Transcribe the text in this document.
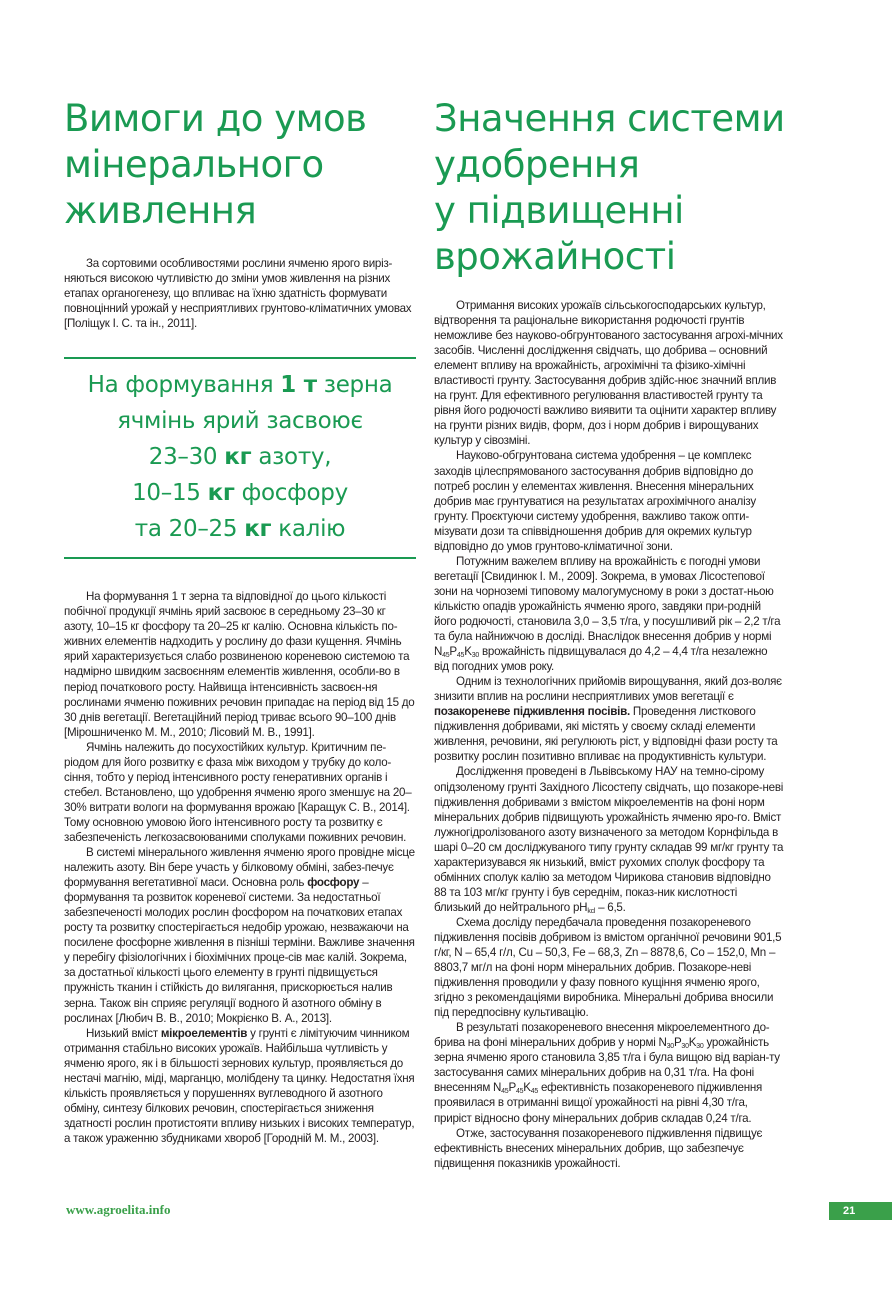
Вимоги до умов
мінерального
живлення

За сортовими особливостями рослини ячменю ярого виріз-няються високою чутливістю до зміни умов живлення на різних етапах органогенезу, що впливає на їхню здатність формувати повноцінний урожай у несприятливих грунтово-кліматичних умовах [Поліщук І. С. та ін., 2011].

На формування 1 т зерна
ячмінь ярий засвоює
23–30 кг азоту,
10–15 кг фосфору
та 20–25 кг калію

На формування 1 т зерна та відповідної до цього кількості побічної продукції ячмінь ярий засвоює в середньому 23–30 кг азоту, 10–15 кг фосфору та 20–25 кг калію. Основна кількість по-живних елементів надходить у рослину до фази кущення. Ячмінь ярий характеризується слабо розвиненою кореневою системою та надмірно швидким засвоєнням елементів живлення, особли-во в період початкового росту. Найвища інтенсивність засвоєн-ня рослинами ячменю поживних речовин припадає на період від 15 до 30 днів вегетації. Вегетаційний період триває всього 90–100 днів [Мірошниченко М. М., 2010; Лісовий М. В., 1991].

Ячмінь належить до посухостійких культур. Критичним пе-ріодом для його розвитку є фаза між виходом у трубку до коло-сіння, тобто у період інтенсивного росту генеративних органів і стебел. Встановлено, що удобрення ячменю ярого зменшує на 20–30% витрати вологи на формування врожаю [Каращук С. В., 2014]. Тому основною умовою його інтенсивного росту та розвитку є забезпеченість легкозасвоюваними сполуками поживних речовин.

В системі мінерального живлення ячменю ярого провідне місце належить азоту. Він бере участь у білковому обміні, забез-печує формування вегетативної маси. Основна роль фосфору – формування та розвиток кореневої системи. За недостатньої забезпеченості молодих рослин фосфором на початкових етапах росту та розвитку спостерігається недобір урожаю, незважаючи на посилене фосфорне живлення в пізніші терміни. Важливе значення у перебігу фізіологічних і біохімічних проце-сів має калій. Зокрема, за достатньої кількості цього елементу в грунті підвищується пружність тканин і стійкість до вилягання, прискорюється налив зерна. Також він сприяє регуляції водного й азотного обміну в рослинах [Любич В. В., 2010; Мокрієнко В. А., 2013].

Низький вміст мікроелементів у грунті є лімітуючим чинником отримання стабільно високих урожаїв. Найбільша чутливість у ячменю ярого, як і в більшості зернових культур, проявляється до нестачі магнію, міді, марганцю, молібдену та цинку. Недостатня їхня кількість проявляється у порушеннях вуглеводного й азотного обміну, синтезу білкових речовин, спостерігається зниження здатності рослин протистояти впливу низьких і високих температур, а також ураженню збудниками хвороб [Городній М. М., 2003].

Значення системи
удобрення
у підвищенні
врожайності

Отримання високих урожаїв сільськогосподарських культур, відтворення та раціональне використання родючості грунтів неможливе без науково-обгрунтованого застосування агрохі-мічних засобів. Численні дослідження свідчать, що добрива – основний елемент впливу на врожайність, агрохімічні та фізико-хімічні властивості грунту. Застосування добрив здійс-нює значний вплив на грунт. Для ефективного регулювання властивостей грунту та рівня його родючості важливо виявити та оцінити характер впливу на грунти різних видів, форм, доз і норм добрив і вирощуваних культур у сівозміні.

Науково-обгрунтована система удобрення – це комплекс заходів цілеспрямованого застосування добрив відповідно до потреб рослин у елементах живлення. Внесення мінеральних добрив має грунтуватися на результатах агрохімічного аналізу грунту. Проєктуючи систему удобрення, важливо також опти-мізувати дози та співвідношення добрив для окремих культур відповідно до умов грунтово-кліматичної зони.

Потужним важелем впливу на врожайність є погодні умови вегетації [Свидинюк І. М., 2009]. Зокрема, в умовах Лісостепової зони на чорноземі типовому малогумусному в роки з достат-ньою кількістю опадів урожайність ячменю ярого, завдяки при-родній його родючості, становила 3,0 – 3,5 т/га, у посушливий рік – 2,2 т/га та була найнижчою в досліді. Внаслідок внесення добрив у нормі $N_{45}P_{45}K_{30}$ врожайність підвищувалася до 4,2 – 4,4 т/га незалежно від погодних умов року.

Одним із технологічних прийомів вирощування, який доз-воляє знизити вплив на рослини несприятливих умов вегетації є позакореневе підживлення посівів. Проведення листкового підживлення добривами, які містять у своєму складі елементи живлення, речовини, які регулюють ріст, у відповідні фази росту та розвитку рослин позитивно впливає на продуктивність культури.

Дослідження проведені в Львівському НАУ на темно-сірому опідзоленому грунті Західного Лісостепу свідчать, що позакоре-неві підживлення добривами з вмістом мікроелементів на фоні норм мінеральних добрив підвищують урожайність ячменю яро-го. Вміст лужногідролізованого азоту визначеного за методом Корнфільда в шарі 0–20 см досліджуваного типу грунту складав 99 мг/кг грунту та характеризувався як низький, вміст рухомих сполук фосфору та обмінних сполук калію за методом Чирикова становив відповідно 88 та 103 мг/кг грунту і був середнім, показ-ник кислотності близький до нейтрального $pH_{kcl} - 6,5$.

Схема досліду передбачала проведення позакореневого підживлення посівів добривом із вмістом органічної речовини 901,5 г/кг, N – 65,4 г/л, Cu – 50,3, Fe – 68,3, Zn – 8878,6, Co – 152,0, Mn – 8803,7 мг/л на фоні норм мінеральних добрив. Позакоре-неві підживлення проводили у фазу повного кущіння ячменю ярого, згідно з рекомендаціями виробника. Мінеральні добрива вносили під передпосівну культивацію.

В результаті позакореневого внесення мікроелементного до-брива на фоні мінеральних добрив у нормі $N_{30}P_{30}K_{30}$ урожайність зерна ячменю ярого становила 3,85 т/га і була вищою від варіан-ту застосування самих мінеральних добрив на 0,31 т/га. На фоні внесенням $N_{45}P_{45}K_{45}$ ефективність позакореневого підживлення проявилася в отриманні вищої урожайності на рівні 4,30 т/га, приріст відносно фону мінеральних добрив складав 0,24 т/га.

Отже, застосування позакореневого підживлення підвищує ефективність внесених мінеральних добрив, що забезпечує підвищення показників урожайності.

www.agroelita.info	21
